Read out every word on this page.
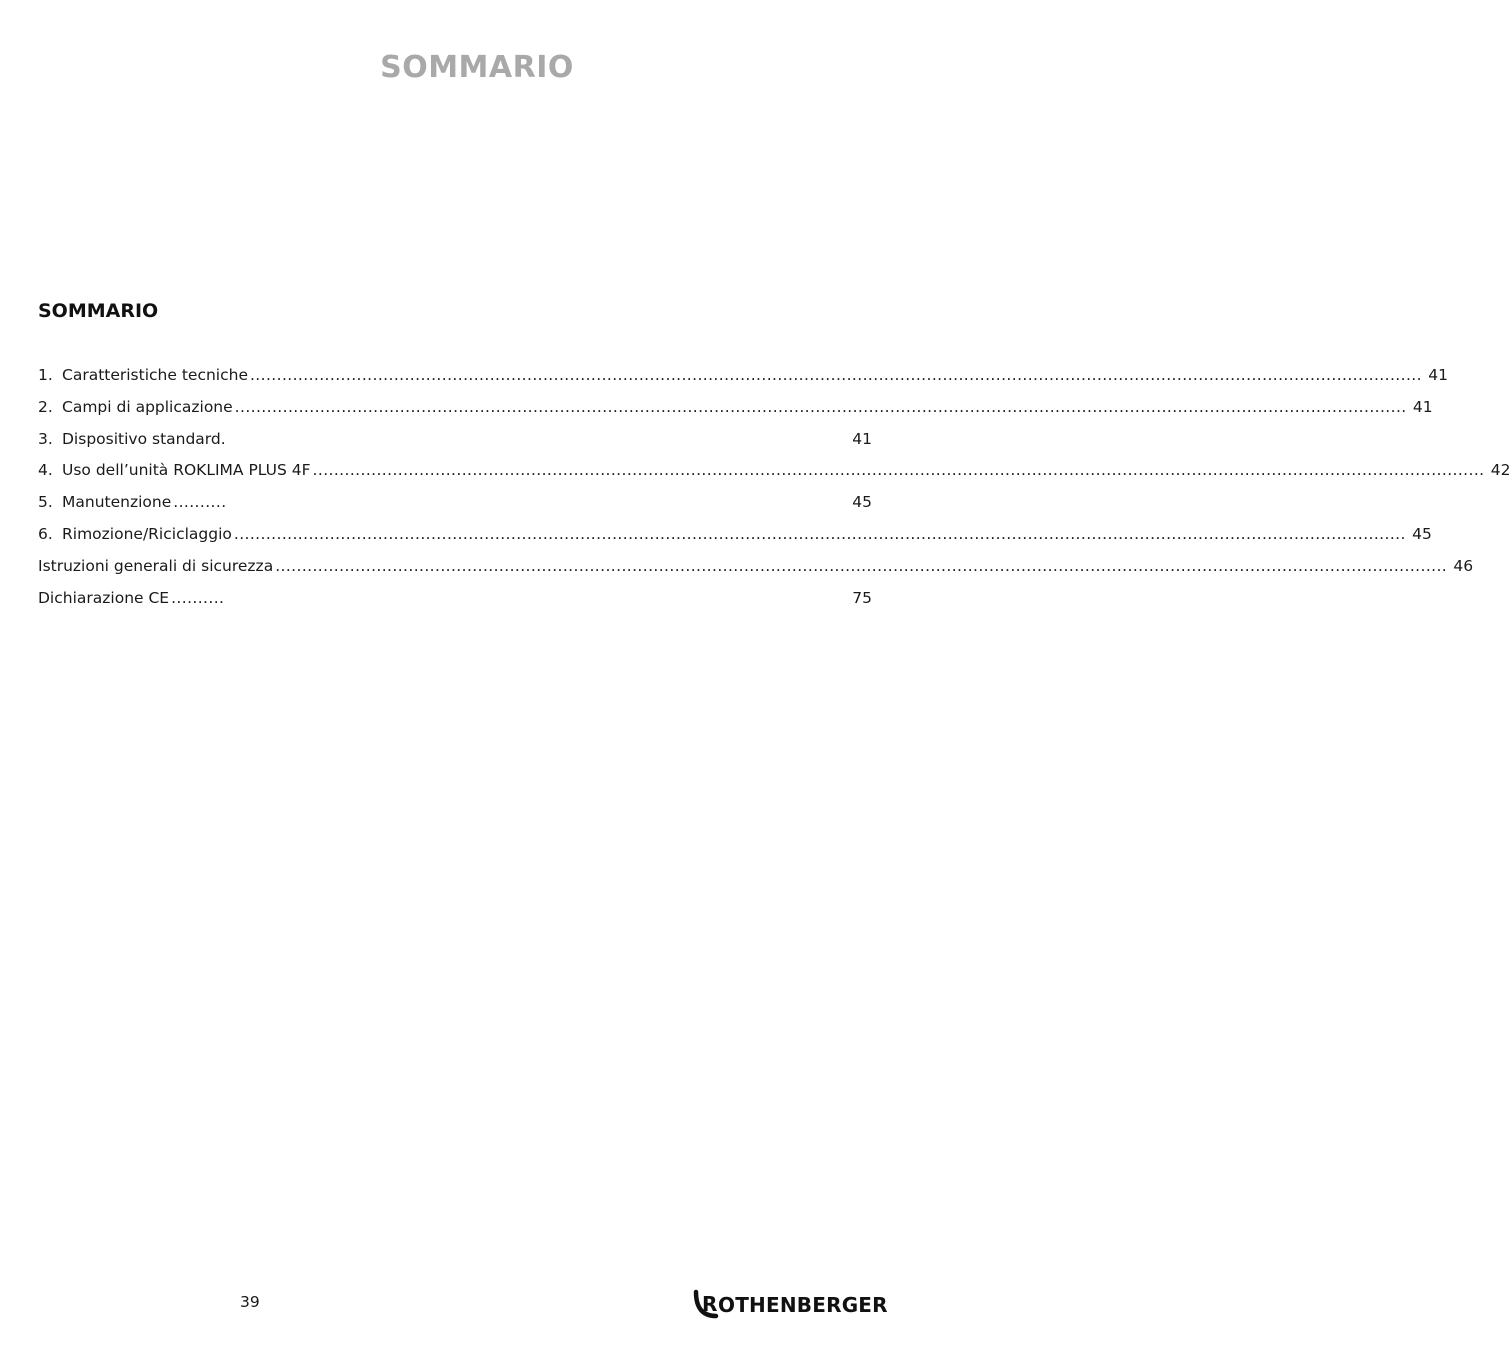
SOMMARIO
SOMMARIO
1. Caratteristiche tecniche ............................................................................................................................................................................................................................ 41
2. Campi di applicazione ............................................................................................................................................................................................................................ 41
3. Dispositivo standard.	41
4. Uso dell’unità ROKLIMA PLUS 4F ............................................................................................................................................................................................................................ 42
5. Manutenzione ..........	45
6. Rimozione/Riciclaggio ............................................................................................................................................................................................................................ 45
Istruzioni generali di sicurezza ............................................................................................................................................................................................................................ 46
Dichiarazione CE ..........	75
39	R OTHENBERGER
